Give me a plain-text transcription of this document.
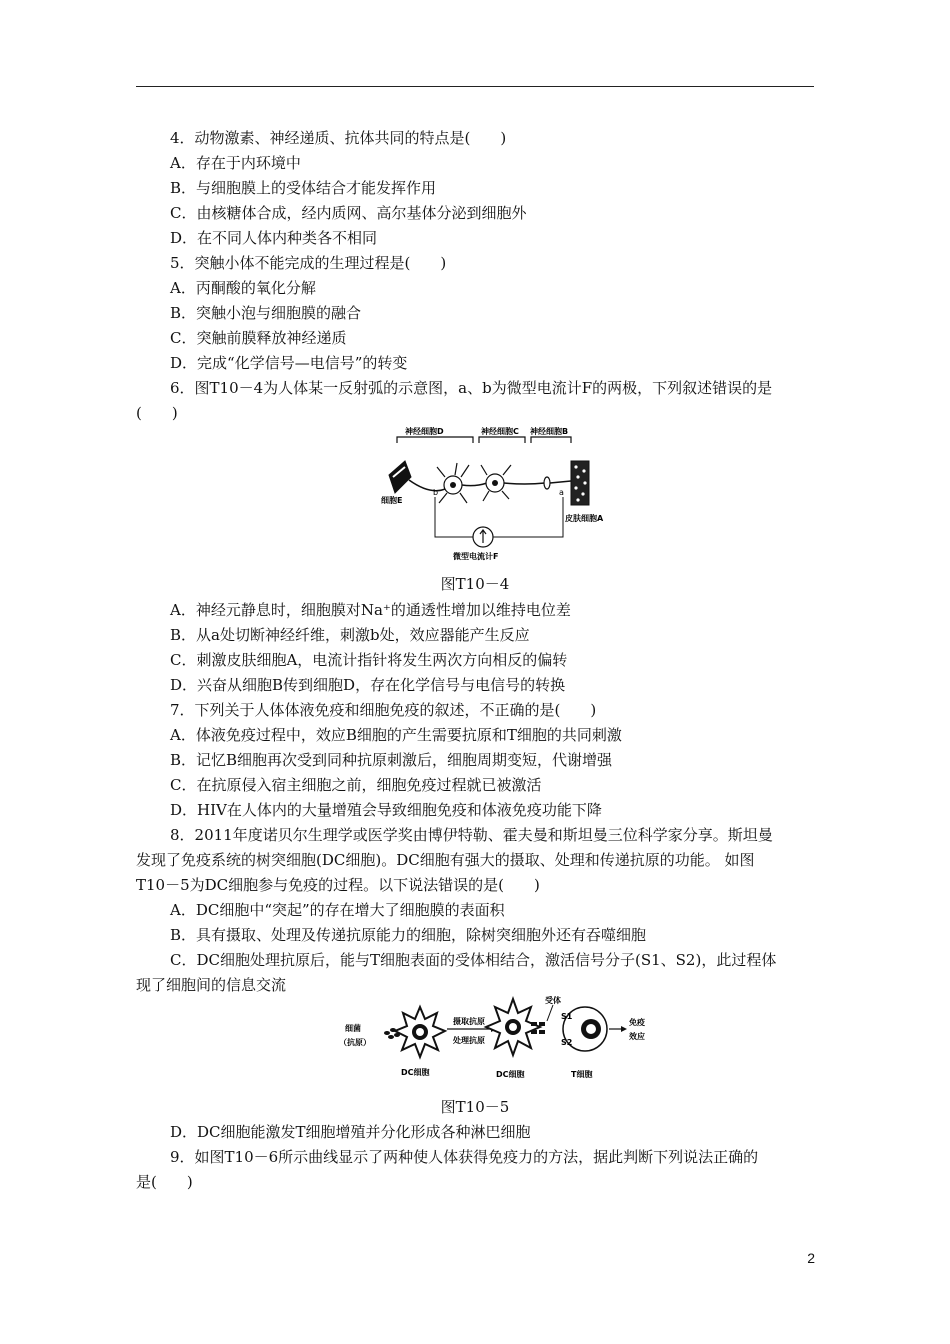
4．动物激素、神经递质、抗体共同的特点是(　　)
A．存在于内环境中
B．与细胞膜上的受体结合才能发挥作用
C．由核糖体合成，经内质网、高尔基体分泌到细胞外
D．在不同人体内种类各不相同
5．突触小体不能完成的生理过程是(　　)
A．丙酮酸的氧化分解
B．突触小泡与细胞膜的融合
C．突触前膜释放神经递质
D．完成“化学信号—电信号”的转变
6．图T10－4为人体某一反射弧的示意图，a、b为微型电流计F的两极，下列叙述错误的是
(　　)
神经细胞D	神经细胞C 神经细胞B
细胞E
皮肤细胞A
b	a
微型电流计F
图T10－4
A．神经元静息时，细胞膜对Na⁺的通透性增加以维持电位差
B．从a处切断神经纤维，刺激b处，效应器能产生反应
C．刺激皮肤细胞A，电流计指针将发生两次方向相反的偏转
D．兴奋从细胞B传到细胞D，存在化学信号与电信号的转换
7．下列关于人体体液免疫和细胞免疫的叙述，不正确的是(　　)
A．体液免疫过程中，效应B细胞的产生需要抗原和T细胞的共同刺激
B．记忆B细胞再次受到同种抗原刺激后，细胞周期变短，代谢增强
C．在抗原侵入宿主细胞之前，细胞免疫过程就已被激活
D．HIV在人体内的大量增殖会导致细胞免疫和体液免疫功能下降
8．2011年度诺贝尔生理学或医学奖由博伊特勒、霍夫曼和斯坦曼三位科学家分享。斯坦曼
发现了免疫系统的树突细胞(DC细胞)。DC细胞有强大的摄取、处理和传递抗原的功能。 如图
T10－5为DC细胞参与免疫的过程。以下说法错误的是(　　)
A．DC细胞中“突起”的存在增大了细胞膜的表面积
B．具有摄取、处理及传递抗原能力的细胞，除树突细胞外还有吞噬细胞
C．DC细胞处理抗原后，能与T细胞表面的受体相结合，激活信号分子(S1、S2)，此过程体
现了细胞间的信息交流
细菌
（抗原）
DC细胞
摄取抗原
处理抗原
DC细胞
受体
S1
S2
T细胞
免疫
效应
图T10－5
D．DC细胞能激发T细胞增殖并分化形成各种淋巴细胞
9．如图T10－6所示曲线显示了两种使人体获得免疫力的方法，据此判断下列说法正确的
是(　　)
2
